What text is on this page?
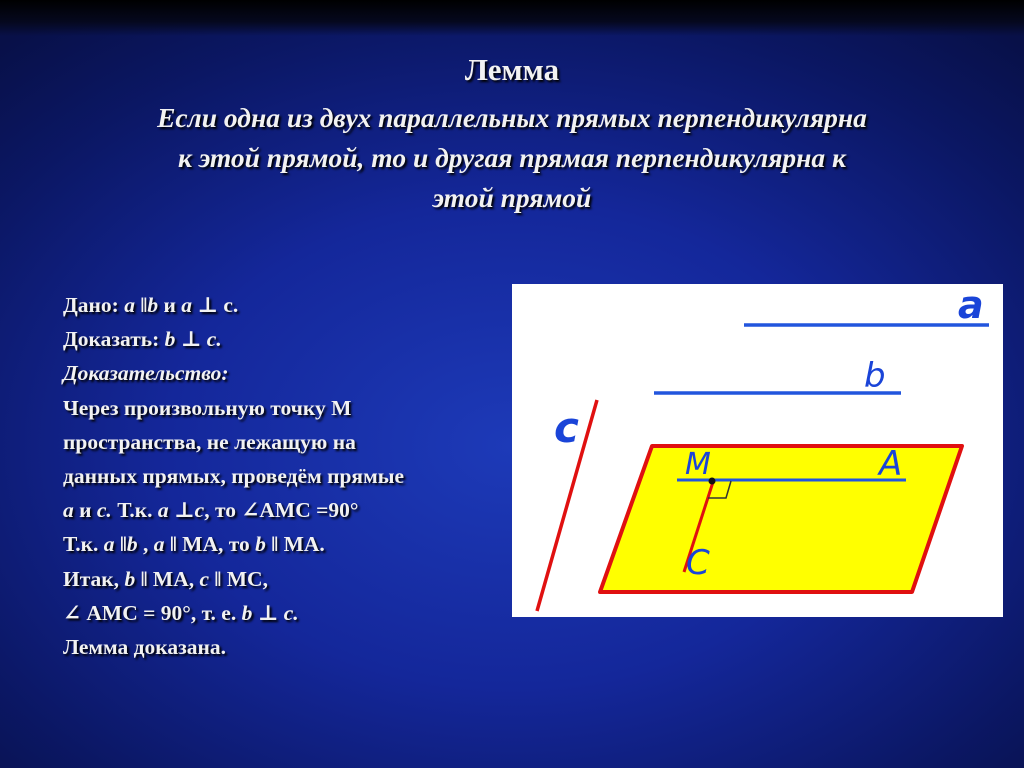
Лемма
Если одна из двух параллельных прямых перпендикулярна
к этой прямой, то и другая прямая перпендикулярна к
этой прямой
Дано: a ‖b и a ⊥ c.
Доказать: b ⊥ c.
Доказательство:
Через произвольную точку М
пространства, не лежащую на
данных прямых, проведём прямые
a и c. Т.к. a ⊥c, то ∠АМС =90°
Т.к. a ‖b , a ‖ МА, то b ‖ МА.
Итак, b ‖ МА, c ‖ МС,
∠ АМС = 90°, т. е. b ⊥ c.
Лемма доказана.
a
b
c
M	A
C
